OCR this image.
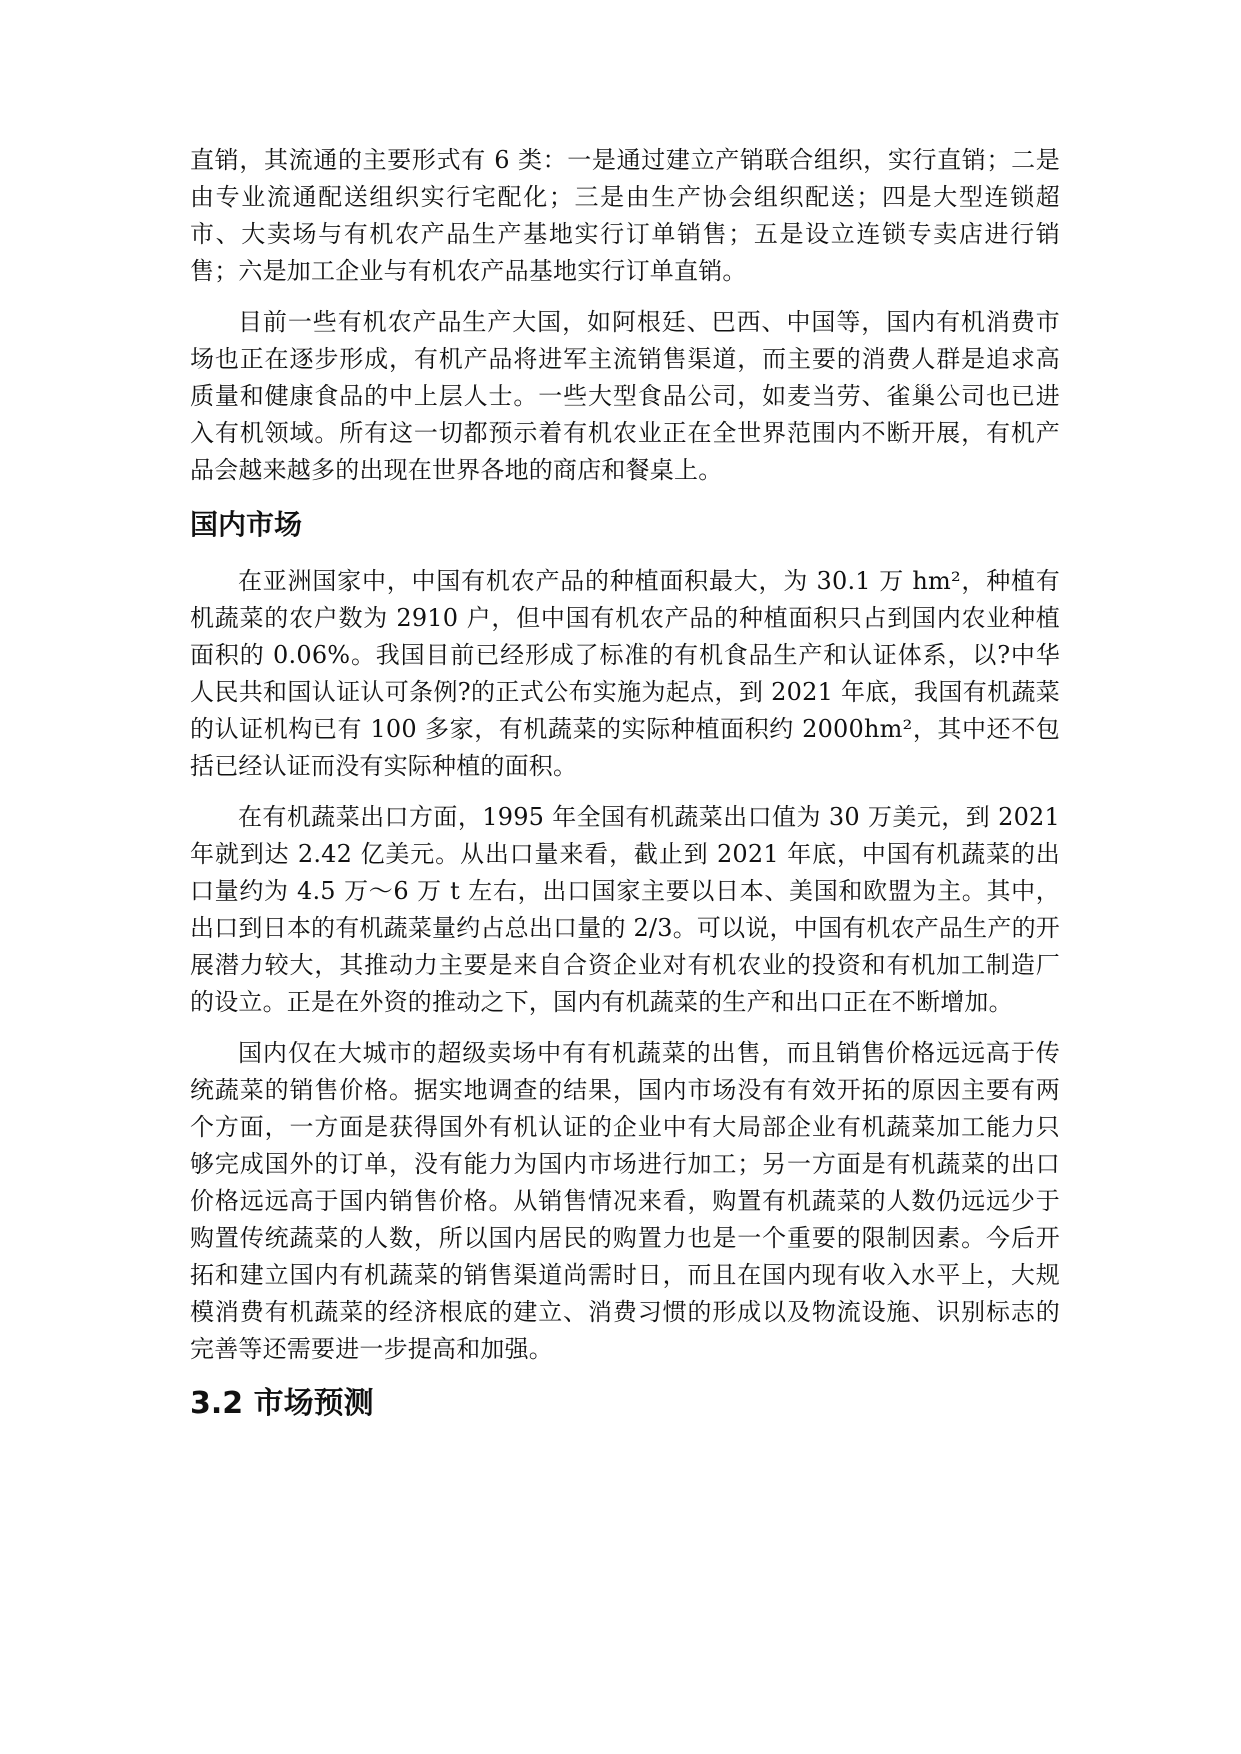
直销，其流通的主要形式有 6 类：一是通过建立产销联合组织，实行直销；二是由专业流通配送组织实行宅配化；三是由生产协会组织配送；四是大型连锁超市、大卖场与有机农产品生产基地实行订单销售；五是设立连锁专卖店进行销售；六是加工企业与有机农产品基地实行订单直销。

目前一些有机农产品生产大国，如阿根廷、巴西、中国等，国内有机消费市场也正在逐步形成，有机产品将进军主流销售渠道，而主要的消费人群是追求高质量和健康食品的中上层人士。一些大型食品公司，如麦当劳、雀巢公司也已进入有机领域。所有这一切都预示着有机农业正在全世界范围内不断开展，有机产品会越来越多的出现在世界各地的商店和餐桌上。

国内市场

在亚洲国家中，中国有机农产品的种植面积最大，为 30.1 万 hm²，种植有机蔬菜的农户数为 2910 户，但中国有机农产品的种植面积只占到国内农业种植面积的 0.06%。我国目前已经形成了标准的有机食品生产和认证体系，以?中华人民共和国认证认可条例?的正式公布实施为起点，到 2021 年底，我国有机蔬菜的认证机构已有 100 多家，有机蔬菜的实际种植面积约 2000hm²，其中还不包括已经认证而没有实际种植的面积。

在有机蔬菜出口方面，1995 年全国有机蔬菜出口值为 30 万美元，到 2021 年就到达 2.42 亿美元。从出口量来看，截止到 2021 年底，中国有机蔬菜的出口量约为 4.5 万～6 万 t 左右，出口国家主要以日本、美国和欧盟为主。其中，出口到日本的有机蔬菜量约占总出口量的 2/3。可以说，中国有机农产品生产的开展潜力较大，其推动力主要是来自合资企业对有机农业的投资和有机加工制造厂的设立。正是在外资的推动之下，国内有机蔬菜的生产和出口正在不断增加。

国内仅在大城市的超级卖场中有有机蔬菜的出售，而且销售价格远远高于传统蔬菜的销售价格。据实地调查的结果，国内市场没有有效开拓的原因主要有两个方面，一方面是获得国外有机认证的企业中有大局部企业有机蔬菜加工能力只够完成国外的订单，没有能力为国内市场进行加工；另一方面是有机蔬菜的出口价格远远高于国内销售价格。从销售情况来看，购置有机蔬菜的人数仍远远少于购置传统蔬菜的人数，所以国内居民的购置力也是一个重要的限制因素。今后开拓和建立国内有机蔬菜的销售渠道尚需时日，而且在国内现有收入水平上，大规模消费有机蔬菜的经济根底的建立、消费习惯的形成以及物流设施、识别标志的完善等还需要进一步提高和加强。

3.2 市场预测
